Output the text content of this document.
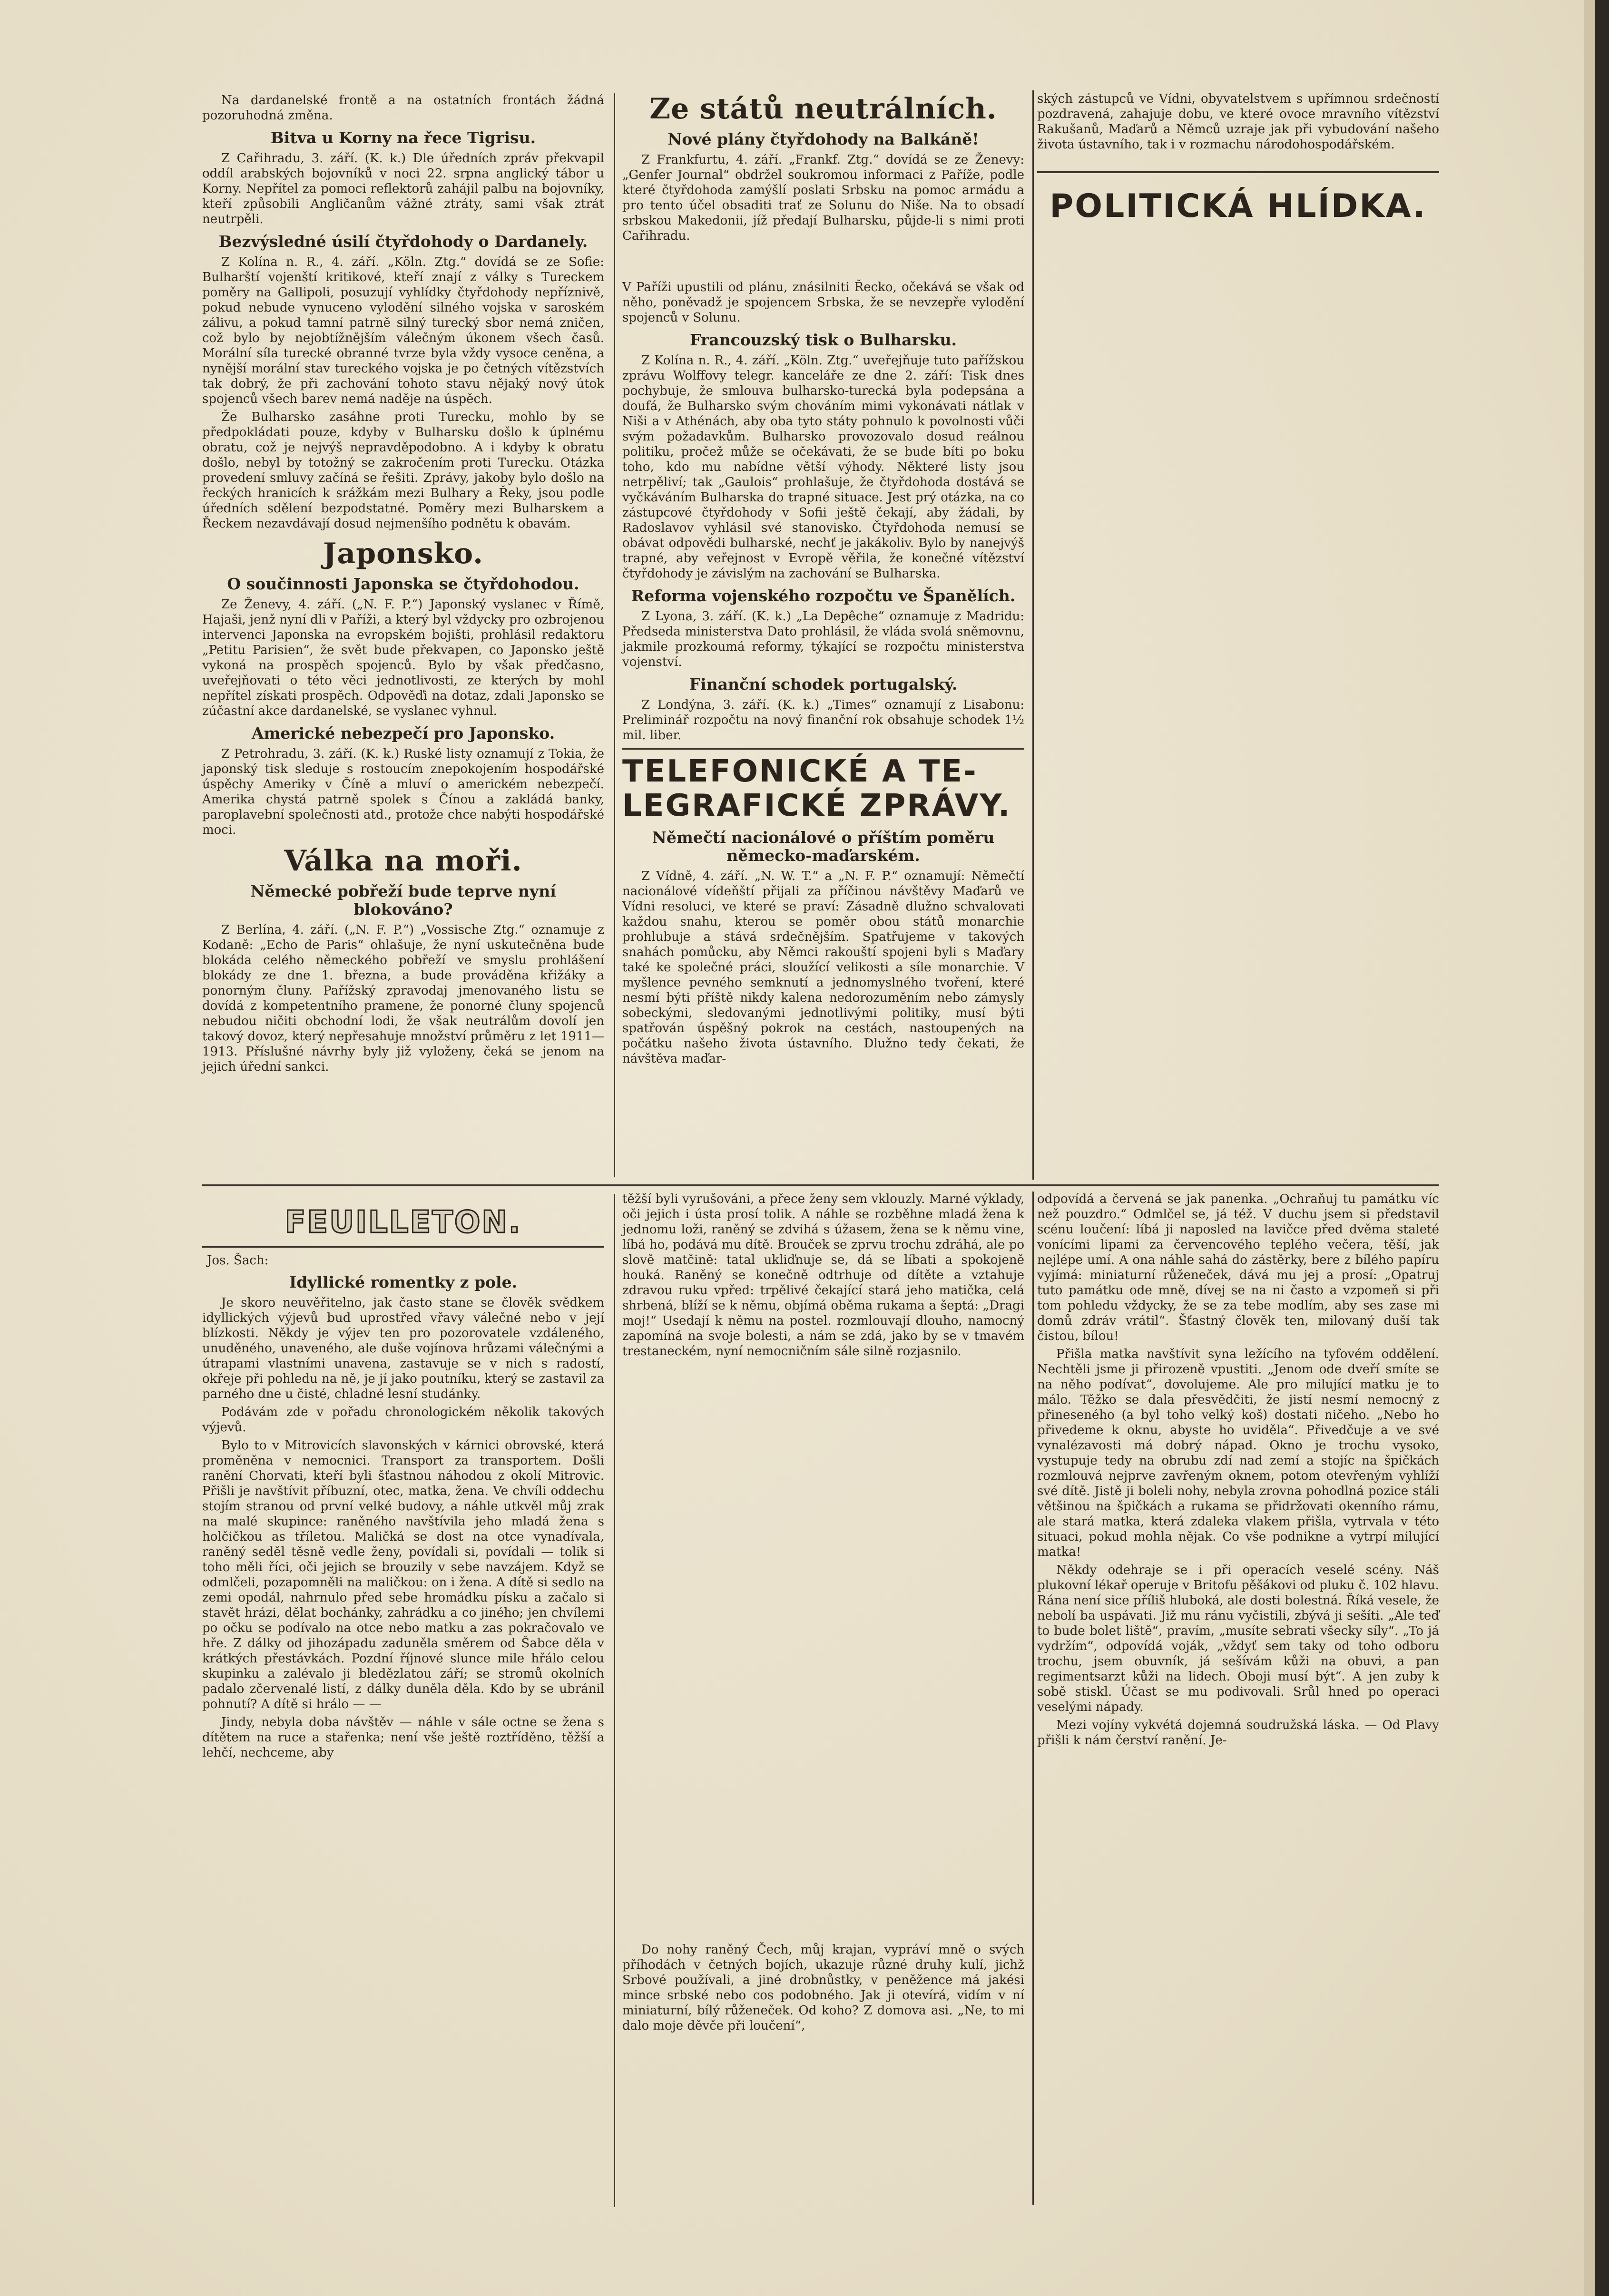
Na dardanelské frontě a na ostatních frontách žádná pozoruhodná změna.

Bitva u Korny na řece Tigrisu.

Z Cařihradu, 3. září. (K. k.) Dle úředních zpráv překvapil oddíl arabských bojovníků v noci 22. srpna anglický tábor u Korny. Nepřítel za pomoci reflektorů zahájil palbu na bojovníky, kteří způsobili Angličanům vážné ztráty, sami však ztrát neutrpěli.

Bezvýsledné úsilí čtyřdohody o Dardanely.

Z Kolína n. R., 4. září. „Köln. Ztg.“ dovídá se ze Sofie: Bulharští vojenští kritikové, kteří znají z války s Tureckem poměry na Gallipoli, posuzují vyhlídky čtyřdohody nepříznivě, pokud nebude vynuceno vylodění silného vojska v saroském zálivu, a pokud tamní patrně silný turecký sbor nemá zničen, což bylo by nejobtížnějším válečným úkonem všech časů. Morální síla turecké obranné tvrze byla vždy vysoce ceněna, a nynější morální stav tureckého vojska je po četných vítězstvích tak dobrý, že při zachování tohoto stavu nějaký nový útok spojenců všech barev nemá naděje na úspěch.

Že Bulharsko zasáhne proti Turecku, mohlo by se předpokládati pouze, kdyby v Bulharsku došlo k úplnému obratu, což je nejvýš nepravděpodobno. A i kdyby k obratu došlo, nebyl by totožný se zakročením proti Turecku. Otázka provedení smluvy začíná se řešiti. Zprávy, jakoby bylo došlo na řeckých hranicích k srážkám mezi Bulhary a Řeky, jsou podle úředních sdělení bezpodstatné. Poměry mezi Bulharskem a Řeckem nezavdávají dosud nejmenšího podnětu k obavám.

Japonsko.
O součinnosti Japonska se čtyřdohodou.

Ze Ženevy, 4. září. („N. F. P.“) Japonský vyslanec v Římě, Hajaši, jenž nyní dli v Paříži, a který byl vždycky pro ozbrojenou intervenci Japonska na evropském bojišti, prohlásil redaktoru „Petitu Parisien“, že svět bude překvapen, co Japonsko ještě vykoná na prospěch spojenců. Bylo by však předčasno, uveřejňovati o této věci jednotlivosti, ze kterých by mohl nepřítel získati prospěch. Odpověďi na dotaz, zdali Japonsko se zúčastní akce dardanelské, se vyslanec vyhnul.

Americké nebezpečí pro Japonsko.

Z Petrohradu, 3. září. (K. k.) Ruské listy oznamují z Tokia, že japonský tisk sleduje s rostoucím znepokojením hospodářské úspěchy Ameriky v Číně a mluví o americkém nebezpečí. Amerika chystá patrně spolek s Čínou a zakládá banky, paroplavební společnosti atd., protože chce nabýti hospodářské moci.

Válka na moři.
Německé pobřeží bude teprve nyní blokováno?

Z Berlína, 4. září. („N. F. P.“) „Vossische Ztg.“ oznamuje z Kodaně: „Echo de Paris“ ohlašuje, že nyní uskutečněna bude blokáda celého německého pobřeží ve smyslu prohlášení blokády ze dne 1. března, a bude prováděna křižáky a ponorným čluny. Pařížský zpravodaj jmenovaného listu se dovídá z kompetentního pramene, že ponorné čluny spojenců nebudou ničiti obchodní lodi, že však neutrálům dovolí jen takový dovoz, který nepřesahuje množství průměru z let 1911—1913. Příslušné návrhy byly již vyloženy, čeká se jenom na jejich úřední sankci.

Ze států neutrálních.
Nové plány čtyřdohody na Balkáně!

Z Frankfurtu, 4. září. „Frankf. Ztg.“ dovídá se ze Ženevy: „Genfer Journal“ obdržel soukromou informaci z Paříže, podle které čtyřdohoda zamýšlí poslati Srbsku na pomoc armádu a pro tento účel obsaditi trať ze Solunu do Niše. Na to obsadí srbskou Makedonii, jíž předají Bulharsku, půjde-li s nimi proti Cařihradu.

V Paříži upustili od plánu, znásilniti Řecko, očekává se však od něho, poněvadž je spojencem Srbska, že se nevzepře vylodění spojenců v Solunu.

Francouzský tisk o Bulharsku.

Z Kolína n. R., 4. září. „Köln. Ztg.“ uveřejňuje tuto pařížskou zprávu Wolffovy telegr. kanceláře ze dne 2. září: Tisk dnes pochybuje, že smlouva bulharsko-turecká byla podepsána a doufá, že Bulharsko svým chováním mimi vykonávati nátlak v Niši a v Athénách, aby oba tyto státy pohnulo k povolnosti vůči svým požadavkům. Bulharsko provozovalo dosud reálnou politiku, pročež může se očekávati, že se bude bíti po boku toho, kdo mu nabídne větší výhody. Některé listy jsou netrpěliví; tak „Gaulois“ prohlašuje, že čtyřdohoda dostává se vyčkáváním Bulharska do trapné situace. Jest prý otázka, na co zástupcové čtyřdohody v Sofii ještě čekají, aby žádali, by Radoslavov vyhlásil své stanovisko. Čtyřdohoda nemusí se obávat odpovědi bulharské, nechť je jakákoliv. Bylo by nanejvýš trapné, aby veřejnost v Evropě věřila, že konečné vítězství čtyřdohody je závislým na zachování se Bulharska.

Reforma vojenského rozpočtu ve Španělích.

Z Lyona, 3. září. (K. k.) „La Depêche“ oznamuje z Madridu: Předseda ministerstva Dato prohlásil, že vláda svolá sněmovnu, jakmile prozkoumá reformy, týkající se rozpočtu ministerstva vojenství.

Finanční schodek portugalský.

Z Londýna, 3. září. (K. k.) „Times“ oznamují z Lisabonu: Preliminář rozpočtu na nový finanční rok obsahuje schodek 1½ mil. liber.

TELEFONICKÉ A TE-
LEGRAFICKÉ ZPRÁVY.
Němečtí nacionálové o příštím poměru německo-maďarském.

Z Vídně, 4. září. „N. W. T.“ a „N. F. P.“ oznamují: Němečtí nacionálové vídeňští přijali za příčinou návštěvy Maďarů ve Vídni resoluci, ve které se praví: Zásadně dlužno schvalovati každou snahu, kterou se poměr obou států monarchie prohlubuje a stává srdečnějším. Spatřujeme v takových snahách pomůcku, aby Němci rakouští spojeni byli s Maďary také ke společné práci, sloužící velikosti a síle monarchie. V myšlence pevného semknutí a jednomyslného tvoření, které nesmí býti příště nikdy kalena nedorozuměním nebo zámysly sobeckými, sledovanými jednotlivými politiky, musí býti spatřován úspěšný pokrok na cestách, nastoupených na počátku našeho života ústavního. Dlužno tedy čekati, že návštěva maďar-

ských zástupců ve Vídni, obyvatelstvem s upřímnou srdečností pozdravená, zahajuje dobu, ve které ovoce mravního vítězství Rakušanů, Maďarů a Němců uzraje jak při vybudování našeho života ústavního, tak i v rozmachu národohospodářském.

POLITICKÁ HLÍDKA.
FEUILLETON.
Jos. Šach:
Idyllické romentky z pole.

Je skoro neuvěřitelno, jak často stane se člověk svědkem idyllických výjevů bud uprostřed vřavy válečné nebo v její blízkosti. Někdy je výjev ten pro pozorovatele vzdáleného, unuděného, unaveného, ale duše vojínova hrůzami válečnými a útrapami vlastními unavena, zastavuje se v nich s radostí, okřeje při pohledu na ně, je jí jako poutníku, který se zastavil za parného dne u čisté, chladné lesní studánky.

Podávám zde v pořadu chronologickém několik takových výjevů.

Bylo to v Mitrovicích slavonských v kárnici obrovské, která proměněna v nemocnici. Transport za transportem. Došli ranění Chorvati, kteří byli šťastnou náhodou z okolí Mitrovic. Přišli je navštívit příbuzní, otec, matka, žena. Ve chvíli oddechu stojím stranou od první velké budovy, a náhle utkvěl můj zrak na malé skupince: raněného navštívila jeho mladá žena s holčičkou as tříletou. Maličká se dost na otce vynadívala, raněný seděl těsně vedle ženy, povídali si, povídali — tolik si toho měli říci, oči jejich se brouzily v sebe navzájem. Když se odmlčeli, pozapomněli na maličkou: on i žena. A dítě si sedlo na zemi opodál, nahrnulo před sebe hromádku písku a začalo si stavět hrázi, dělat bochánky, zahrádku a co jiného; jen chvílemi po očku se podívalo na otce nebo matku a zas pokračovalo ve hře. Z dálky od jihozápadu zaduněla směrem od Šabce děla v krátkých přestávkách. Pozdní říjnové slunce mile hřálo celou skupinku a zalévalo ji bledězlatou září; se stromů okolních padalo zčervenalé listí, z dálky duněla děla. Kdo by se ubránil pohnutí? A dítě si hrálo — —

Jindy, nebyla doba návštěv — náhle v sále octne se žena s dítětem na ruce a stařenka; není vše ještě roztříděno, těžší a lehčí, nechceme, aby

těžší byli vyrušováni, a přece ženy sem vklouzly. Marné výklady, oči jejich i ústa prosí tolik. A náhle se rozběhne mladá žena k jednomu loži, raněný se zdvihá s úžasem, žena se k němu vine, líbá ho, podává mu dítě. Brouček se zprvu trochu zdráhá, ale po slově matčině: tatal ukliďnuje se, dá se líbati a spokojeně houká. Raněný se konečně odtrhuje od dítěte a vztahuje zdravou ruku vpřed: trpělivé čekající stará jeho matička, celá shrbená, blíží se k němu, objímá oběma rukama a šeptá: „Dragi moj!“ Usedají k němu na postel. rozmlouvají dlouho, namocný zapomíná na svoje bolesti, a nám se zdá, jako by se v tmavém trestaneckém, nyní nemocničním sále silně rozjasnilo.

Do nohy raněný Čech, můj krajan, vypráví mně o svých příhodách v četných bojích, ukazuje různé druhy kulí, jichž Srbové používali, a jiné drobnůstky, v peněžence má jakési mince srbské nebo cos podobného. Jak ji otevírá, vidím v ní miniaturní, bílý růženeček. Od koho? Z domova asi. „Ne, to mi dalo moje děvče při loučení“,

odpovídá a červená se jak panenka. „Ochraňuj tu památku víc než pouzdro.“ Odmlčel se, já též. V duchu jsem si představil scénu loučení: líbá ji naposled na lavičce před dvěma staleté vonícími lipami za červencového teplého večera, těší, jak nejlépe umí. A ona náhle sahá do zástěrky, bere z bílého papíru vyjímá: miniaturní růženeček, dává mu jej a prosí: „Opatruj tuto památku ode mně, dívej se na ni často a vzpomeň si při tom pohledu vždycky, že se za tebe modlím, aby ses zase mi domů zdráv vrátil“. Šťastný člověk ten, milovaný duší tak čistou, bílou!

Přišla matka navštívit syna ležícího na tyfovém oddělení. Nechtěli jsme ji přirozeně vpustiti. „Jenom ode dveří smíte se na něho podívat“, dovolujeme. Ale pro milující matku je to málo. Těžko se dala přesvědčiti, že jistí nesmí nemocný z přineseného (a byl toho velký koš) dostati ničeho. „Nebo ho přivedeme k oknu, abyste ho uviděla“. Přivedčuje a ve své vynalézavosti má dobrý nápad. Okno je trochu vysoko, vystupuje tedy na obrubu zdí nad zemí a stojíc na špičkách rozmlouvá nejprve zavřeným oknem, potom otevřeným vyhlíží své dítě. Jistě ji boleli nohy, nebyla zrovna pohodlná pozice stáli většinou na špičkách a rukama se přidržovati okenního rámu, ale stará matka, která zdaleka vlakem přišla, vytrvala v této situaci, pokud mohla nějak. Co vše podnikne a vytrpí milující matka!

Někdy odehraje se i při operacích veselé scény. Náš plukovní lékař operuje v Britofu pěšákovi od pluku č. 102 hlavu. Rána není sice příliš hluboká, ale dosti bolestná. Říká vesele, že nebolí ba uspávati. Již mu ránu vyčistili, zbývá ji sešíti. „Ale teď to bude bolet liště“, pravím, „musíte sebrati všecky síly“. „To já vydržím“, odpovídá voják, „vždyť sem taky od toho odboru trochu, jsem obuvník, já sešívám kůži na obuvi, a pan regimentsarzt kůži na lidech. Oboji musí být“. A jen zuby k sobě stiskl. Účast se mu podivovali. Srůl hned po operaci veselými nápady.

Mezi vojíny vykvétá dojemná soudružská láska. — Od Plavy přišli k nám čerství ranění. Je-
